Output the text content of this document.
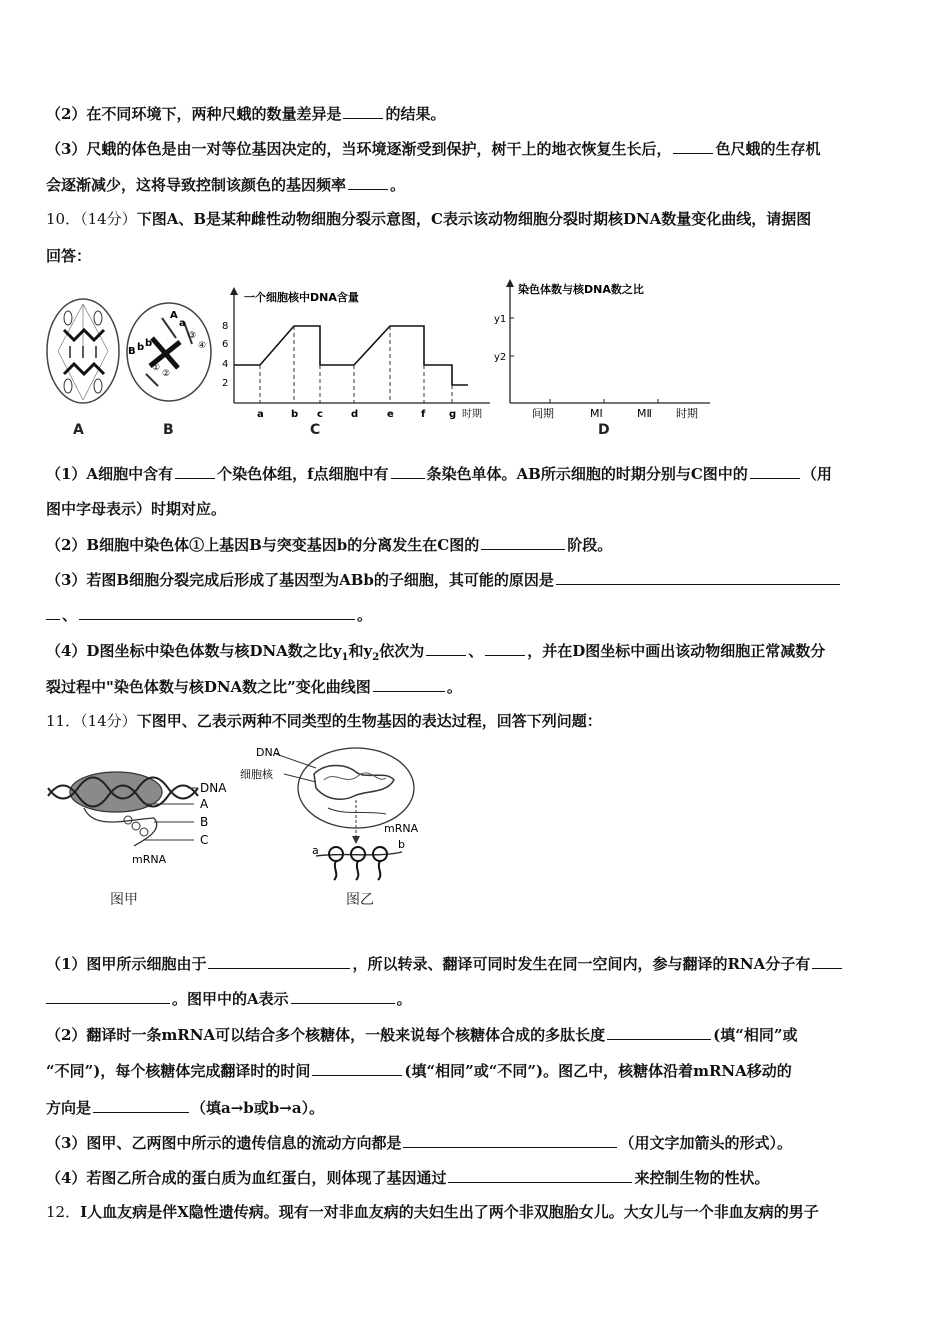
（2）在不同环境下，两种尺蛾的数量差异是	的结果。
（3）尺蛾的体色是由一对等位基因决定的，当环境逐渐受到保护，树干上的地衣恢复生长后，	色尺蛾的生存机
会逐渐减少，这将导致控制该颜色的基因频率	。
10．（14分）下图A、B是某种雌性动物细胞分裂示意图，C表示该动物细胞分裂时期核DNA数量变化曲线，请据图
回答：
A
A
a
B b b
③
④
①
②
B
一个细胞核中DNA含量
8
6
4
2
a	b c	d	e	f g 时期
C
染色体数与核DNA数之比
y1
y2
间期	MⅠ	MⅡ 时期
D
（1）A细胞中含有	个染色体组，f点细胞中有	条染色单体。AB所示细胞的时期分别与C图中的	（用
图中字母表示）时期对应。
（2）B细胞中染色体①上基因B与突变基因b的分离发生在C图的	阶段。
（3）若图B细胞分裂完成后形成了基因型为ABb的子细胞，其可能的原因是
、	。
（4）D图坐标中染色体数与核DNA数之比$y_1$和$y_2$依次为	、	，并在D图坐标中画出该动物细胞正常减数分
裂过程中"染色体数与核DNA数之比”变化曲线图	。
11．（14分）下图甲、乙表示两种不同类型的生物基因的表达过程，回答下列问题：
DNA
A
B
C
mRNA
图甲
DNA
细胞核
mRNA
a	b
图乙
（1）图甲所示细胞由于	，所以转录、翻译可同时发生在同一空间内，参与翻译的RNA分子有
。图甲中的A表示	。
（2）翻译时一条mRNA可以结合多个核糖体，一般来说每个核糖体合成的多肽长度	(填“相同”或
“不同”)，每个核糖体完成翻译时的时间	(填“相同”或“不同”)。图乙中，核糖体沿着mRNA移动的
方向是	（填a→b或b→a）。
（3）图甲、乙两图中所示的遗传信息的流动方向都是	（用文字加箭头的形式）。
（4）若图乙所合成的蛋白质为血红蛋白，则体现了基因通过	来控制生物的性状。
12．I人血友病是伴X隐性遗传病。现有一对非血友病的夫妇生出了两个非双胞胎女儿。大女儿与一个非血友病的男子
